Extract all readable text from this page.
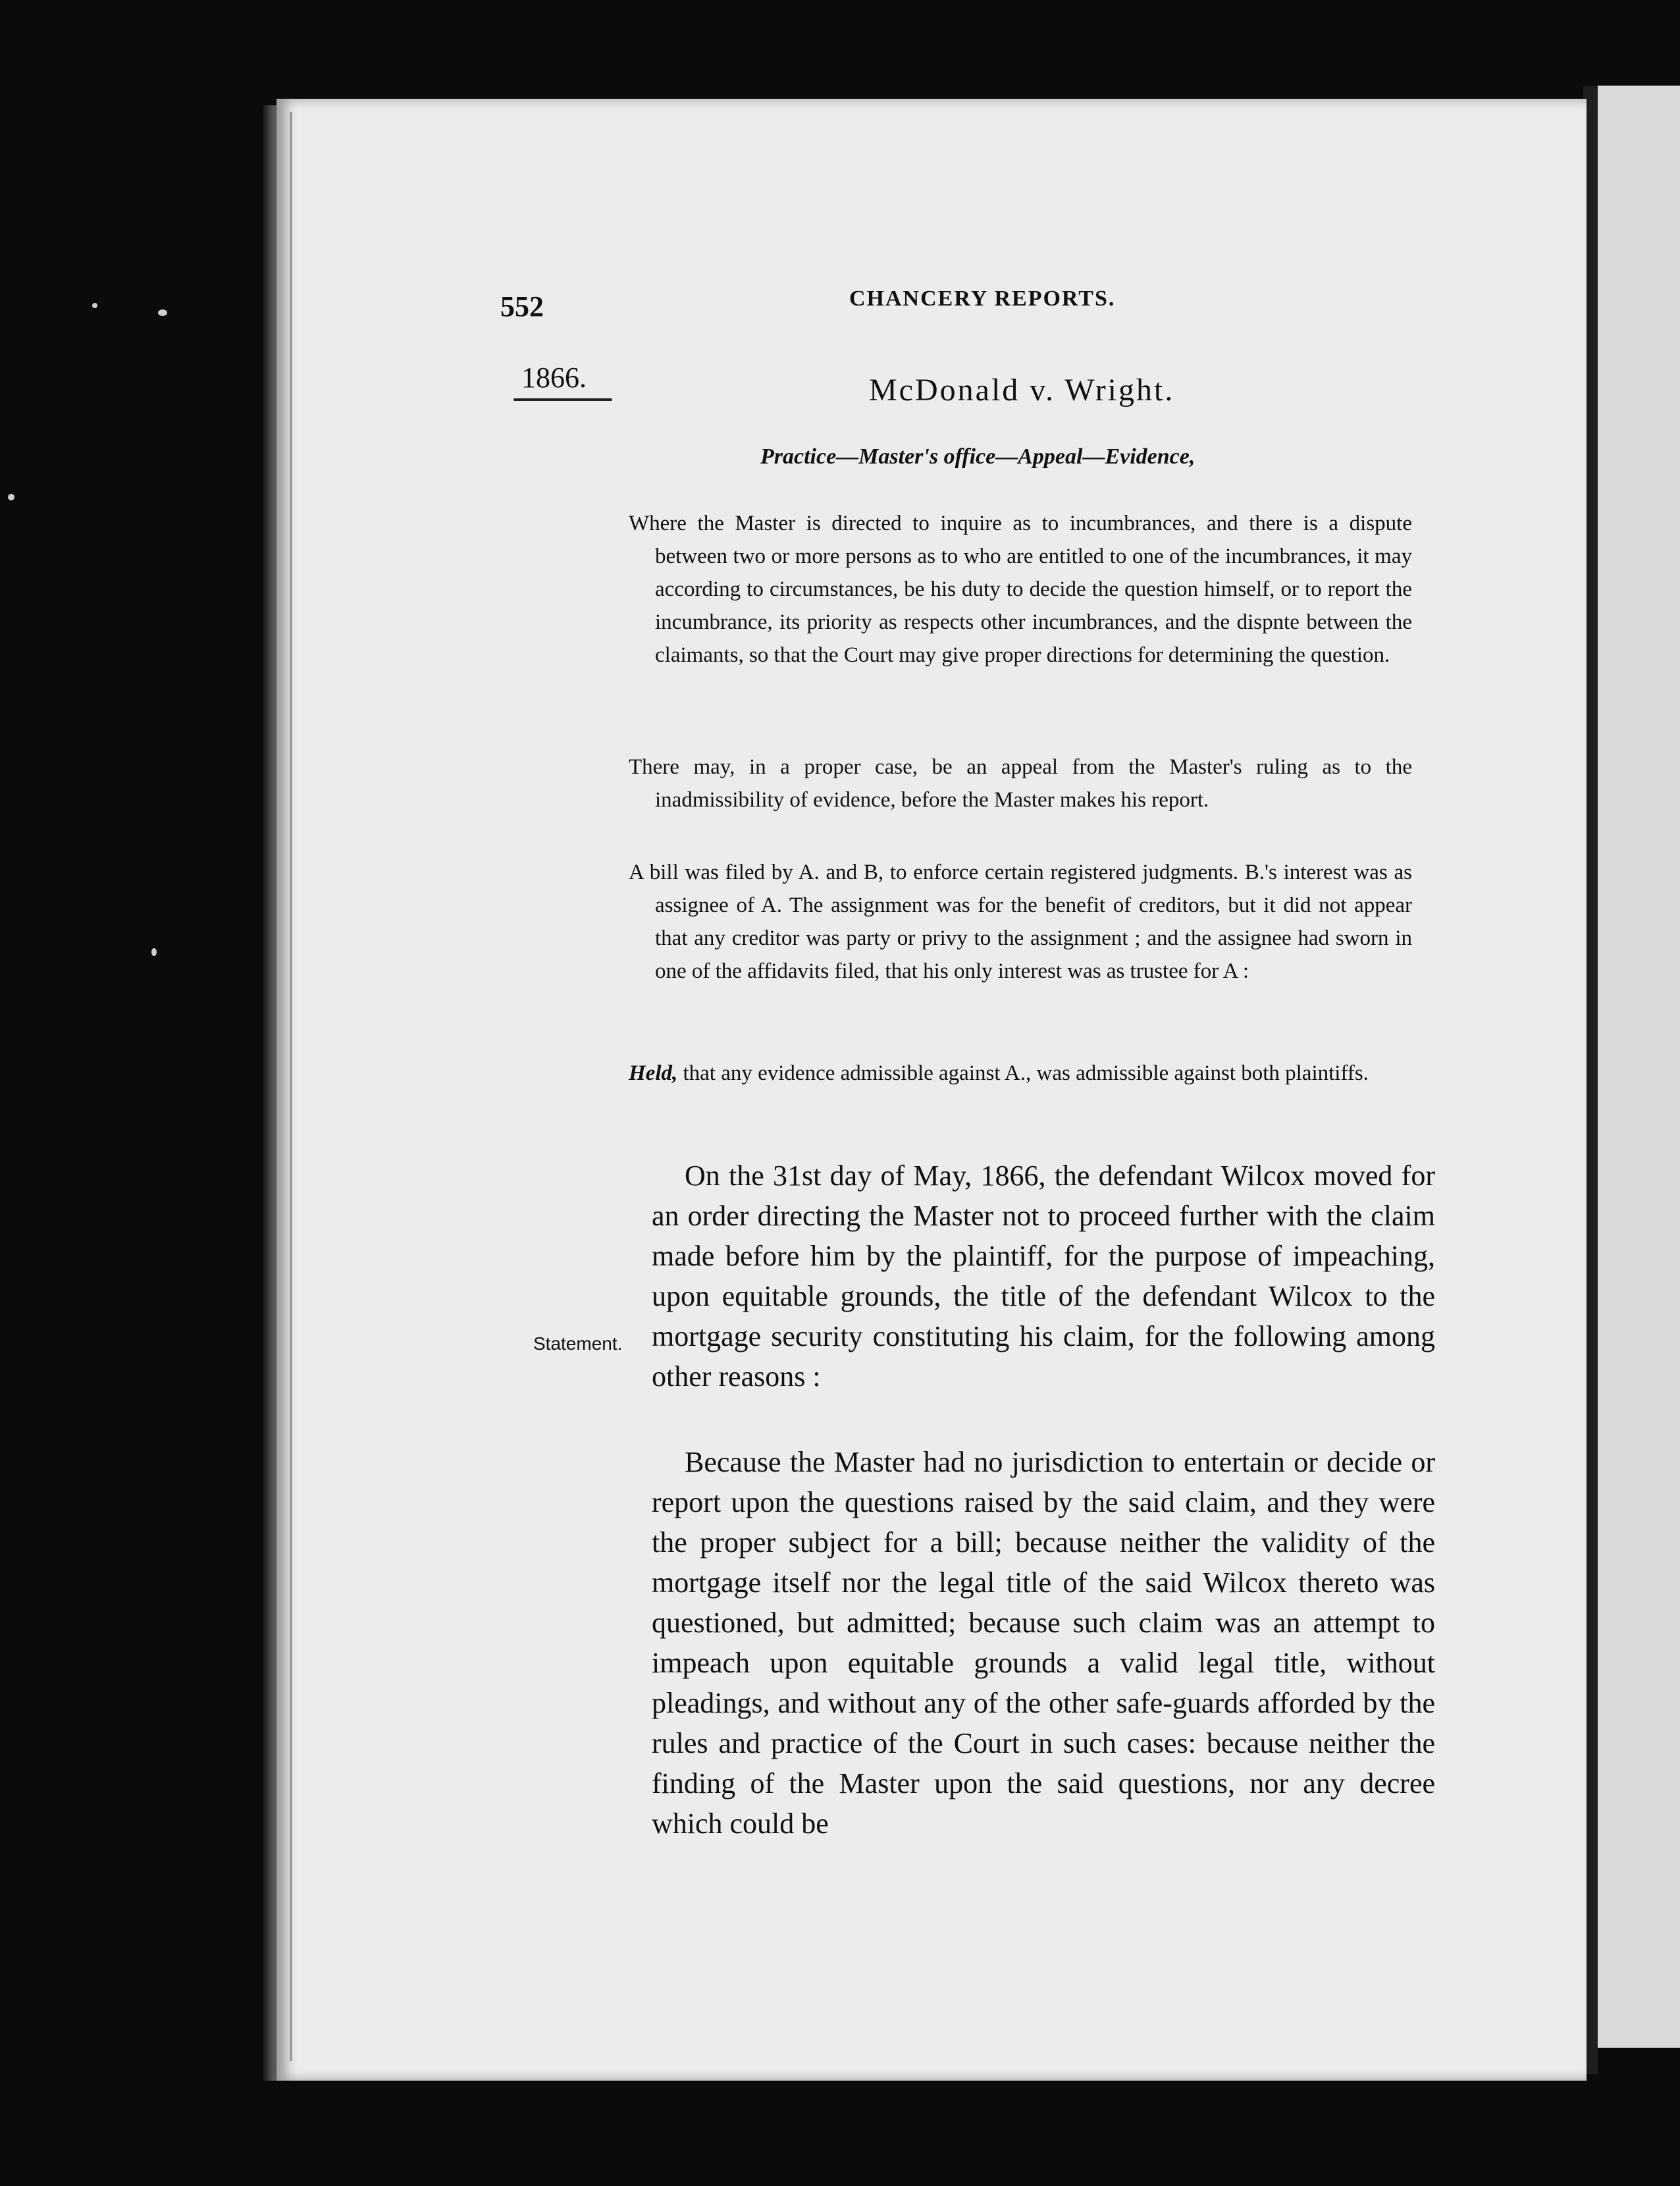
552	CHANCERY REPORTS.
1866.	McDonald v. Wright.
Practice—Master's office—Appeal—Evidence,

Where the Master is directed to inquire as to incumbrances, and there is a dispute between two or more persons as to who are entitled to one of the incumbrances, it may according to circumstances, be his duty to decide the question himself, or to report the incumbrance, its priority as respects other incumbrances, and the dispnte between the claimants, so that the Court may give proper directions for determining the question.

There may, in a proper case, be an appeal from the Master's ruling as to the inadmissibility of evidence, before the Master makes his report.

A bill was filed by A. and B, to enforce certain registered judgments. B.'s interest was as assignee of A. The assignment was for the benefit of creditors, but it did not appear that any creditor was party or privy to the assignment ; and the assignee had sworn in one of the affidavits filed, that his only interest was as trustee for A :

Held, that any evidence admissible against A., was admissible against both plaintiffs.

Statement.

On the 31st day of May, 1866, the defendant Wilcox moved for an order directing the Master not to proceed further with the claim made before him by the plaintiff, for the purpose of impeaching, upon equitable grounds, the title of the defendant Wilcox to the mortgage security constituting his claim, for the following among other reasons :

Because the Master had no jurisdiction to entertain or decide or report upon the questions raised by the said claim, and they were the proper subject for a bill; because neither the validity of the mortgage itself nor the legal title of the said Wilcox thereto was questioned, but admitted; because such claim was an attempt to impeach upon equitable grounds a valid legal title, without pleadings, and without any of the other safe-guards afforded by the rules and practice of the Court in such cases: because neither the finding of the Master upon the said questions, nor any decree which could be
